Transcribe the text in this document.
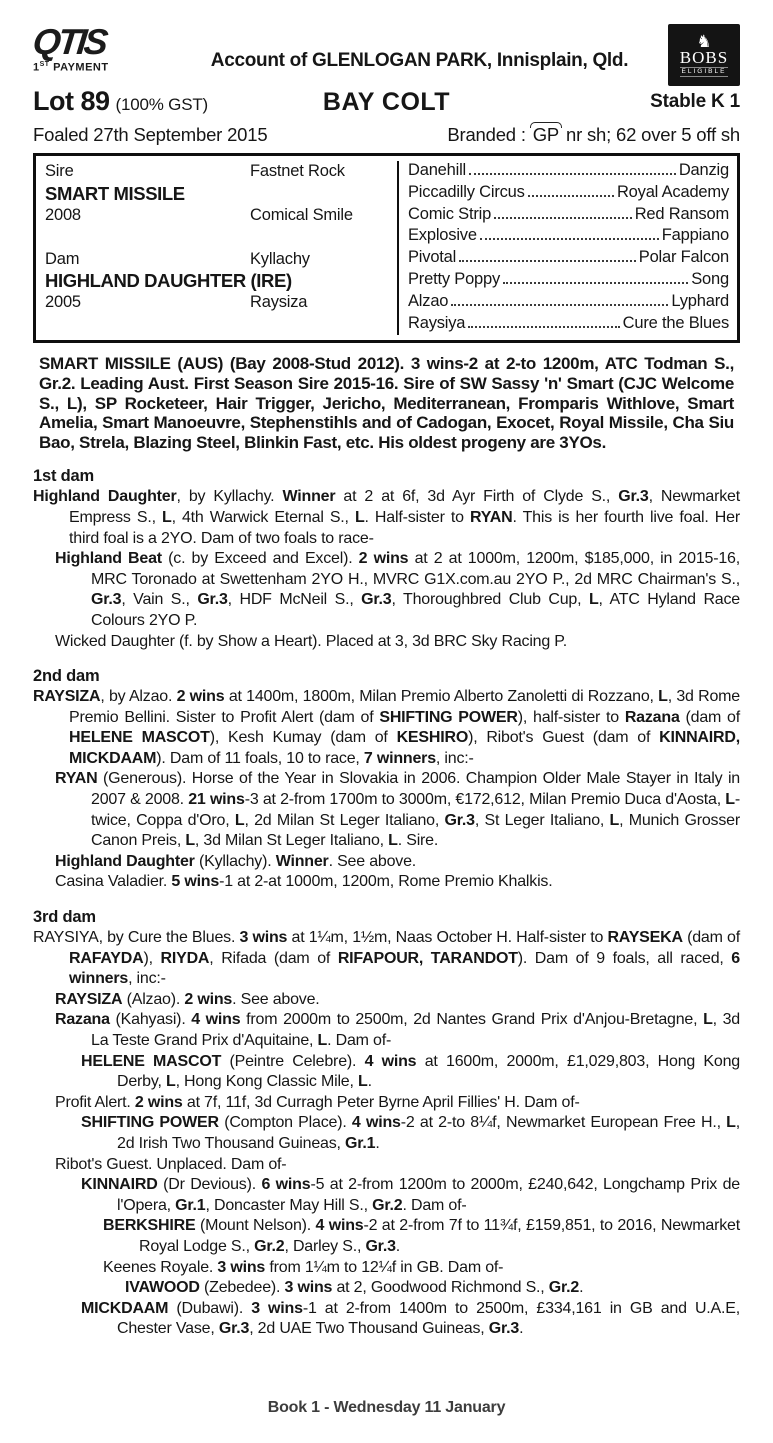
QTIS
1ST PAYMENT	Account of GLENLOGAN PARK, Innisplain, Qld.
♞
BOBS
ELIGIBLE
Lot 89 (100% GST)	BAY COLT	Stable K 1
Foaled 27th September 2015	Branded : GP nr sh; 62 over 5 off sh
Sire	Fastnet Rock
SMART MISSILE
2008	Comical Smile
Dam	Kyllachy
HIGHLAND DAUGHTER (IRE)
2005	Raysiza
Danehill	Danzig
Piccadilly Circus	Royal Academy
Comic Strip	Red Ransom
Explosive	Fappiano
Pivotal	Polar Falcon
Pretty Poppy	Song
Alzao	Lyphard
Raysiya	Cure the Blues

SMART MISSILE (AUS) (Bay 2008-Stud 2012). 3 wins-2 at 2-to 1200m, ATC Todman S., Gr.2. Leading Aust. First Season Sire 2015-16. Sire of SW Sassy 'n' Smart (CJC Welcome S., L), SP Rocketeer, Hair Trigger, Jericho, Mediterranean, Fromparis Withlove, Smart Amelia, Smart Manoeuvre, Stephenstihls and of Cadogan, Exocet, Royal Missile, Cha Siu Bao, Strela, Blazing Steel, Blinkin Fast, etc. His oldest progeny are 3YOs.

1st dam

Highland Daughter, by Kyllachy. Winner at 2 at 6f, 3d Ayr Firth of Clyde S., Gr.3, Newmarket Empress S., L, 4th Warwick Eternal S., L. Half-sister to RYAN. This is her fourth live foal. Her third foal is a 2YO. Dam of two foals to race-

Highland Beat (c. by Exceed and Excel). 2 wins at 2 at 1000m, 1200m, $185,000, in 2015-16, MRC Toronado at Swettenham 2YO H., MVRC G1X.com.au 2YO P., 2d MRC Chairman's S., Gr.3, Vain S., Gr.3, HDF McNeil S., Gr.3, Thoroughbred Club Cup, L, ATC Hyland Race Colours 2YO P.

Wicked Daughter (f. by Show a Heart). Placed at 3, 3d BRC Sky Racing P.

2nd dam

RAYSIZA, by Alzao. 2 wins at 1400m, 1800m, Milan Premio Alberto Zanoletti di Rozzano, L, 3d Rome Premio Bellini. Sister to Profit Alert (dam of SHIFTING POWER), half-sister to Razana (dam of HELENE MASCOT), Kesh Kumay (dam of KESHIRO), Ribot's Guest (dam of KINNAIRD, MICKDAAM). Dam of 11 foals, 10 to race, 7 winners, inc:-

RYAN (Generous). Horse of the Year in Slovakia in 2006. Champion Older Male Stayer in Italy in 2007 & 2008. 21 wins-3 at 2-from 1700m to 3000m, €172,612, Milan Premio Duca d'Aosta, L-twice, Coppa d'Oro, L, 2d Milan St Leger Italiano, Gr.3, St Leger Italiano, L, Munich Grosser Canon Preis, L, 3d Milan St Leger Italiano, L. Sire.

Highland Daughter (Kyllachy). Winner. See above.

Casina Valadier. 5 wins-1 at 2-at 1000m, 1200m, Rome Premio Khalkis.

3rd dam

RAYSIYA, by Cure the Blues. 3 wins at 1¼m, 1½m, Naas October H. Half-sister to RAYSEKA (dam of RAFAYDA), RIYDA, Rifada (dam of RIFAPOUR, TARANDOT). Dam of 9 foals, all raced, 6 winners, inc:-

RAYSIZA (Alzao). 2 wins. See above.

Razana (Kahyasi). 4 wins from 2000m to 2500m, 2d Nantes Grand Prix d'Anjou-Bretagne, L, 3d La Teste Grand Prix d'Aquitaine, L. Dam of-

HELENE MASCOT (Peintre Celebre). 4 wins at 1600m, 2000m, £1,029,803, Hong Kong Derby, L, Hong Kong Classic Mile, L.

Profit Alert. 2 wins at 7f, 11f, 3d Curragh Peter Byrne April Fillies' H. Dam of-

SHIFTING POWER (Compton Place). 4 wins-2 at 2-to 8¼f, Newmarket European Free H., L, 2d Irish Two Thousand Guineas, Gr.1.

Ribot's Guest. Unplaced. Dam of-

KINNAIRD (Dr Devious). 6 wins-5 at 2-from 1200m to 2000m, £240,642, Longchamp Prix de l'Opera, Gr.1, Doncaster May Hill S., Gr.2. Dam of-

BERKSHIRE (Mount Nelson). 4 wins-2 at 2-from 7f to 11¾f, £159,851, to 2016, Newmarket Royal Lodge S., Gr.2, Darley S., Gr.3.

Keenes Royale. 3 wins from 1¼m to 12¼f in GB. Dam of-

IVAWOOD (Zebedee). 3 wins at 2, Goodwood Richmond S., Gr.2.

MICKDAAM (Dubawi). 3 wins-1 at 2-from 1400m to 2500m, £334,161 in GB and U.A.E, Chester Vase, Gr.3, 2d UAE Two Thousand Guineas, Gr.3.

Book 1 - Wednesday 11 January
